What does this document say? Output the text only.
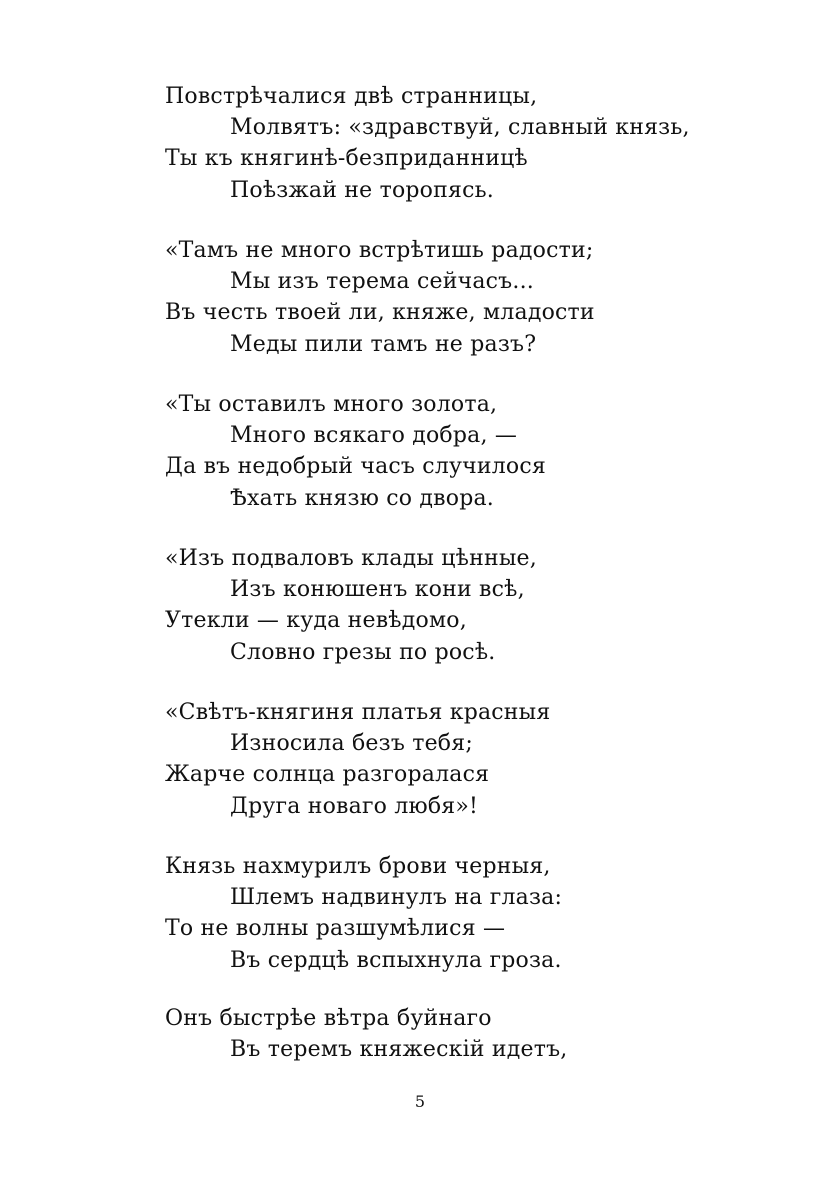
Повстрѣчалися двѣ странницы,
Молвятъ: «здравствуй, славный князь,
Ты къ княгинѣ-безприданницѣ
Поѣзжай не торопясь.
«Тамъ не много встрѣтишь радости;
Мы изъ терема сейчасъ...
Въ честь твоей ли, княже, младости
Меды пили тамъ не разъ?
«Ты оставилъ много золота,
Много всякаго добра, —
Да въ недобрый часъ случилося
Ѣхать князю со двора.
«Изъ подваловъ клады цѣнные,
Изъ конюшенъ кони всѣ,
Утекли — куда невѣдомо,
Словно грезы по росѣ.
«Свѣтъ-княгиня платья красныя
Износила безъ тебя;
Жарче солнца разгоралася
Друга новаго любя»!
Князь нахмурилъ брови черныя,
Шлемъ надвинулъ на глаза:
То не волны разшумѣлися —
Въ сердцѣ вспыхнула гроза.
Онъ быстрѣе вѣтра буйнаго
Въ теремъ княжескій идетъ,
5
